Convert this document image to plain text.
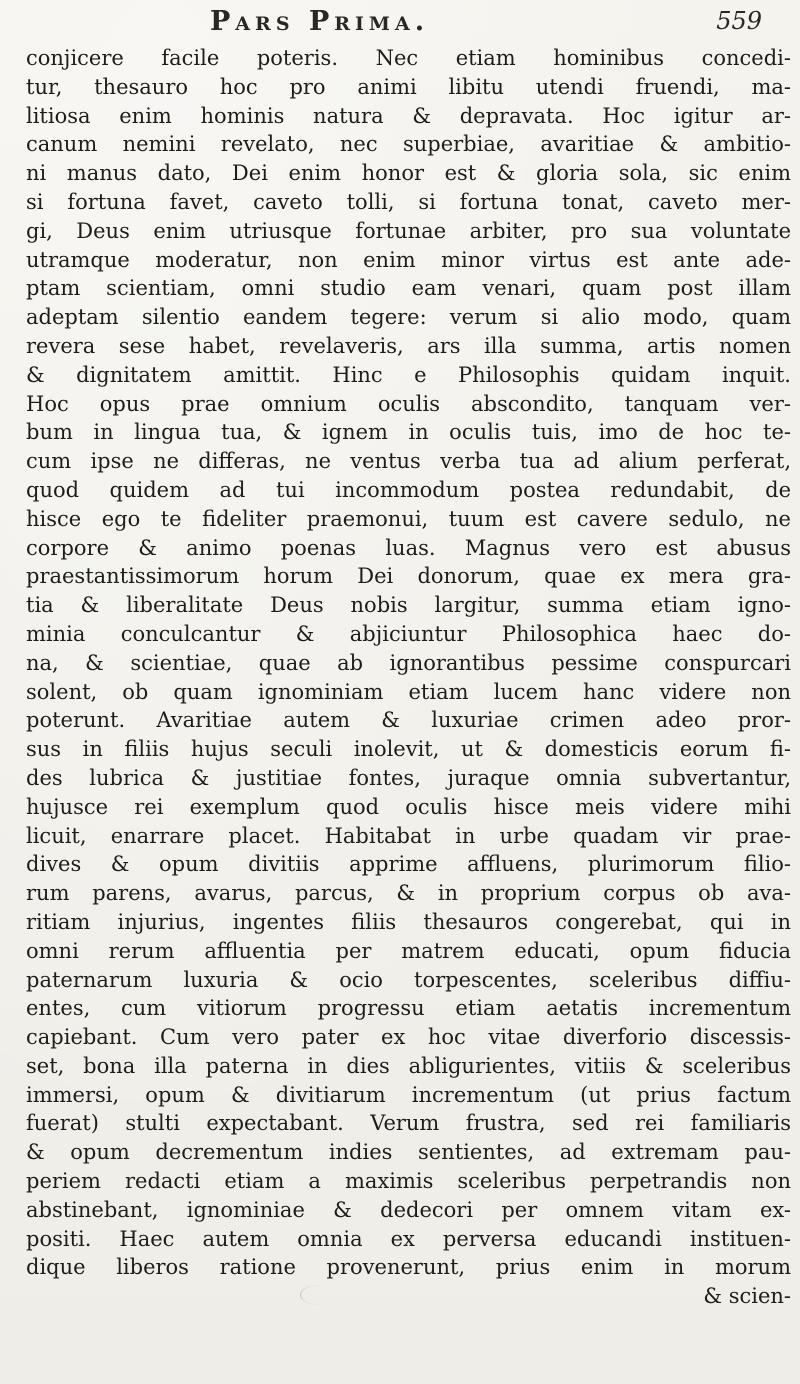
Pars Prima.	559
conjicere facile poteris. Nec etiam hominibus concedi-
tur, thesauro hoc pro animi libitu utendi fruendi, ma-
litiosa enim hominis natura & depravata. Hoc igitur ar-
canum nemini revelato, nec superbiae, avaritiae & ambitio-
ni manus dato, Dei enim honor est & gloria sola, sic enim
si fortuna favet, caveto tolli, si fortuna tonat, caveto mer-
gi, Deus enim utriusque fortunae arbiter, pro sua voluntate
utramque moderatur, non enim minor virtus est ante ade-
ptam scientiam, omni studio eam venari, quam post illam
adeptam silentio eandem tegere: verum si alio modo, quam
revera sese habet, revelaveris, ars illa summa, artis nomen
& dignitatem amittit. Hinc e Philosophis quidam inquit.
Hoc opus prae omnium oculis abscondito, tanquam ver-
bum in lingua tua, & ignem in oculis tuis, imo de hoc te-
cum ipse ne differas, ne ventus verba tua ad alium perferat,
quod quidem ad tui incommodum postea redundabit, de
hisce ego te fideliter praemonui, tuum est cavere sedulo, ne
corpore & animo poenas luas. Magnus vero est abusus
praestantissimorum horum Dei donorum, quae ex mera gra-
tia & liberalitate Deus nobis largitur, summa etiam igno-
minia conculcantur & abjiciuntur Philosophica haec do-
na, & scientiae, quae ab ignorantibus pessime conspurcari
solent, ob quam ignominiam etiam lucem hanc videre non
poterunt. Avaritiae autem & luxuriae crimen adeo pror-
sus in filiis hujus seculi inolevit, ut & domesticis eorum fi-
des lubrica & justitiae fontes, juraque omnia subvertantur,
hujusce rei exemplum quod oculis hisce meis videre mihi
licuit, enarrare placet. Habitabat in urbe quadam vir prae-
dives & opum divitiis apprime affluens, plurimorum filio-
rum parens, avarus, parcus, & in proprium corpus ob ava-
ritiam injurius, ingentes filiis thesauros congerebat, qui in
omni rerum affluentia per matrem educati, opum fiducia
paternarum luxuria & ocio torpescentes, sceleribus diffiu-
entes, cum vitiorum progressu etiam aetatis incrementum
capiebant. Cum vero pater ex hoc vitae diverforio discessis-
set, bona illa paterna in dies abligurientes, vitiis & sceleribus
immersi, opum & divitiarum incrementum (ut prius factum
fuerat) stulti expectabant. Verum frustra, sed rei familiaris
& opum decrementum indies sentientes, ad extremam pau-
periem redacti etiam a maximis sceleribus perpetrandis non
abstinebant, ignominiae & dedecori per omnem vitam ex-
positi. Haec autem omnia ex perversa educandi instituen-
dique liberos ratione provenerunt, prius enim in morum
& scien-
